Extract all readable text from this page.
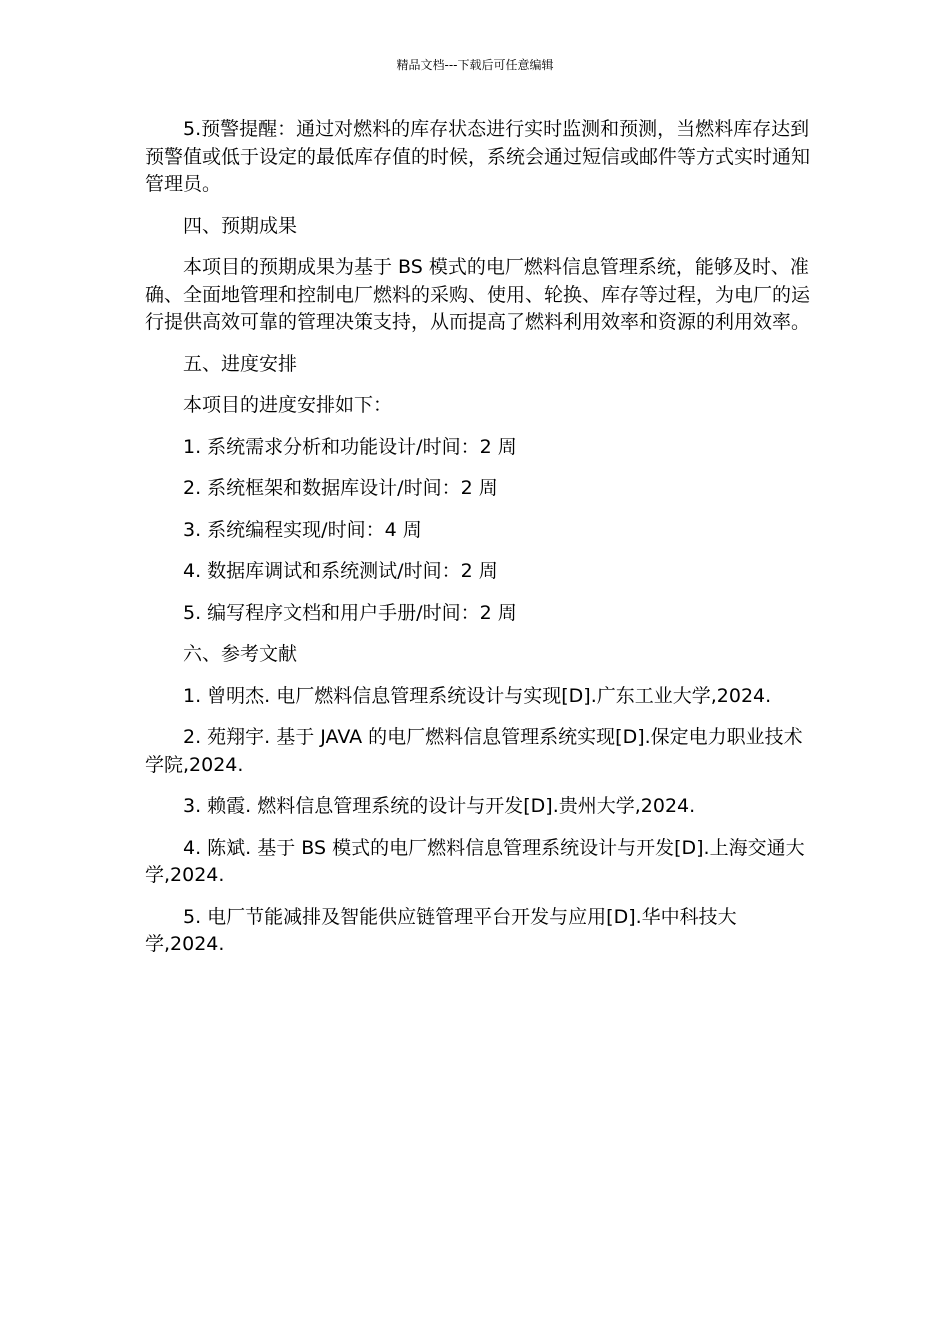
精品文档---下载后可任意编辑

5.预警提醒：通过对燃料的库存状态进行实时监测和预测，当燃料库存达到预警值或低于设定的最低库存值的时候，系统会通过短信或邮件等方式实时通知管理员。

四、预期成果

本项目的预期成果为基于 BS 模式的电厂燃料信息管理系统，能够及时、准确、全面地管理和控制电厂燃料的采购、使用、轮换、库存等过程，为电厂的运行提供高效可靠的管理决策支持，从而提高了燃料利用效率和资源的利用效率。

五、进度安排

本项目的进度安排如下：

1. 系统需求分析和功能设计/时间：2 周

2. 系统框架和数据库设计/时间：2 周

3. 系统编程实现/时间：4 周

4. 数据库调试和系统测试/时间：2 周

5. 编写程序文档和用户手册/时间：2 周

六、参考文献

1. 曾明杰. 电厂燃料信息管理系统设计与实现[D].广东工业大学,2024.

2. 苑翔宇. 基于 JAVA 的电厂燃料信息管理系统实现[D].保定电力职业技术学院,2024.

3. 赖霞. 燃料信息管理系统的设计与开发[D].贵州大学,2024.

4. 陈斌. 基于 BS 模式的电厂燃料信息管理系统设计与开发[D].上海交通大学,2024.

5. 电厂节能减排及智能供应链管理平台开发与应用[D].华中科技大学,2024.
